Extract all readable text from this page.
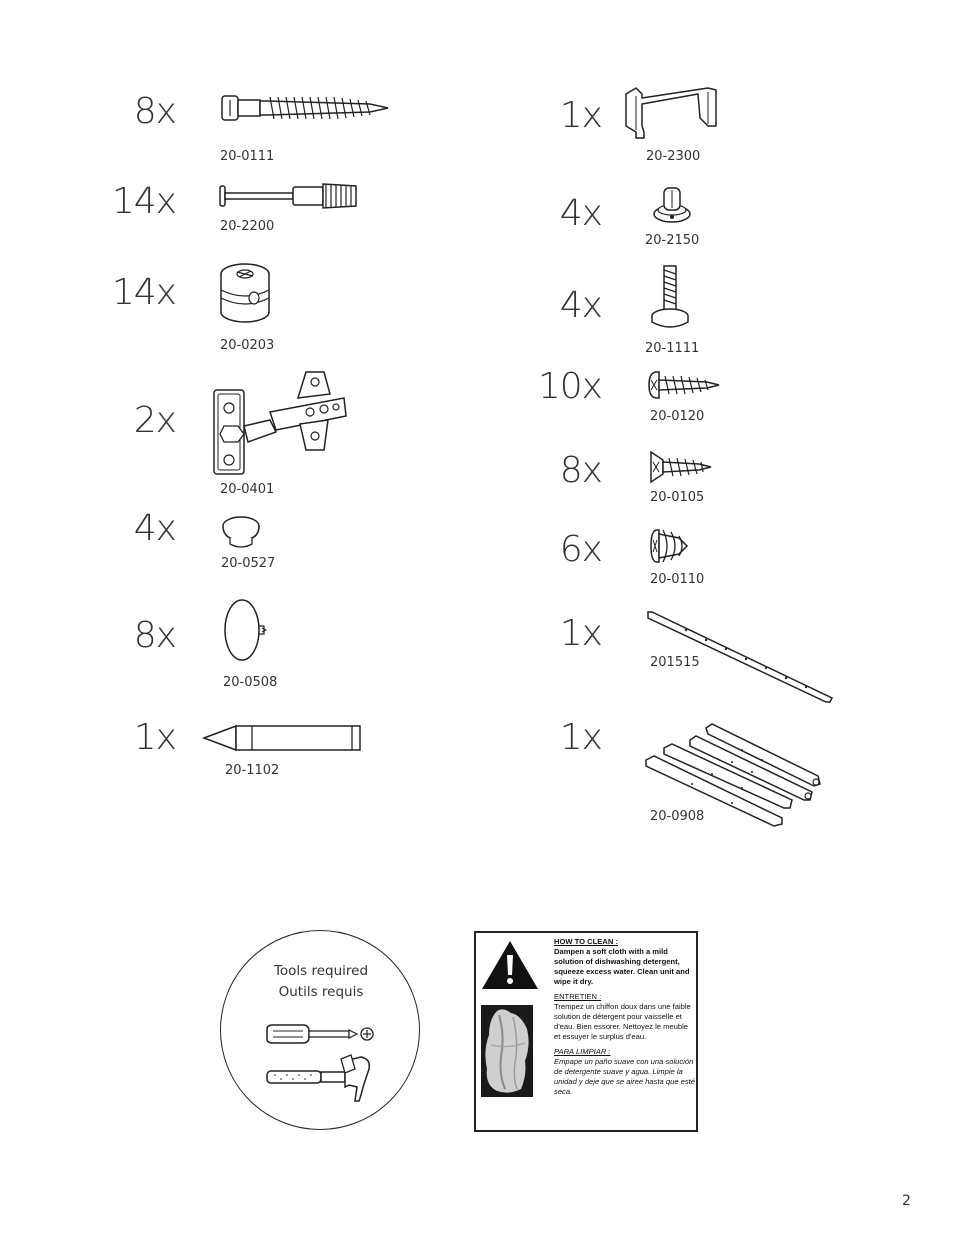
8x
20-0111
14x
20-2200
14x
20-0203
2x
20-0401
4x
20-0527
8x
20-0508
1x
20-1102
1x
20-2300
4x
20-2150
4x
20-1111
10x
20-0120
8x
20-0105
6x
20-0110
1x
201515
1x
20-0908
Tools required
Outils requis
HOW TO CLEAN :
Dampen a soft cloth with a mild solution of dishwashing detergent, squeeze excess water. Clean unit and wipe it dry.
ENTRETIEN :
Trempez un chiffon doux dans une faible solution de détergent pour vaisselle et d'eau. Bien essorer. Nettoyez le meuble et essuyer le surplus d'eau.
PARA LIMPIAR :
Empape un paño suave con una solución de detergente suave y agua. Limpie la unidad y deje que se airee hasta que esté seca.
2
